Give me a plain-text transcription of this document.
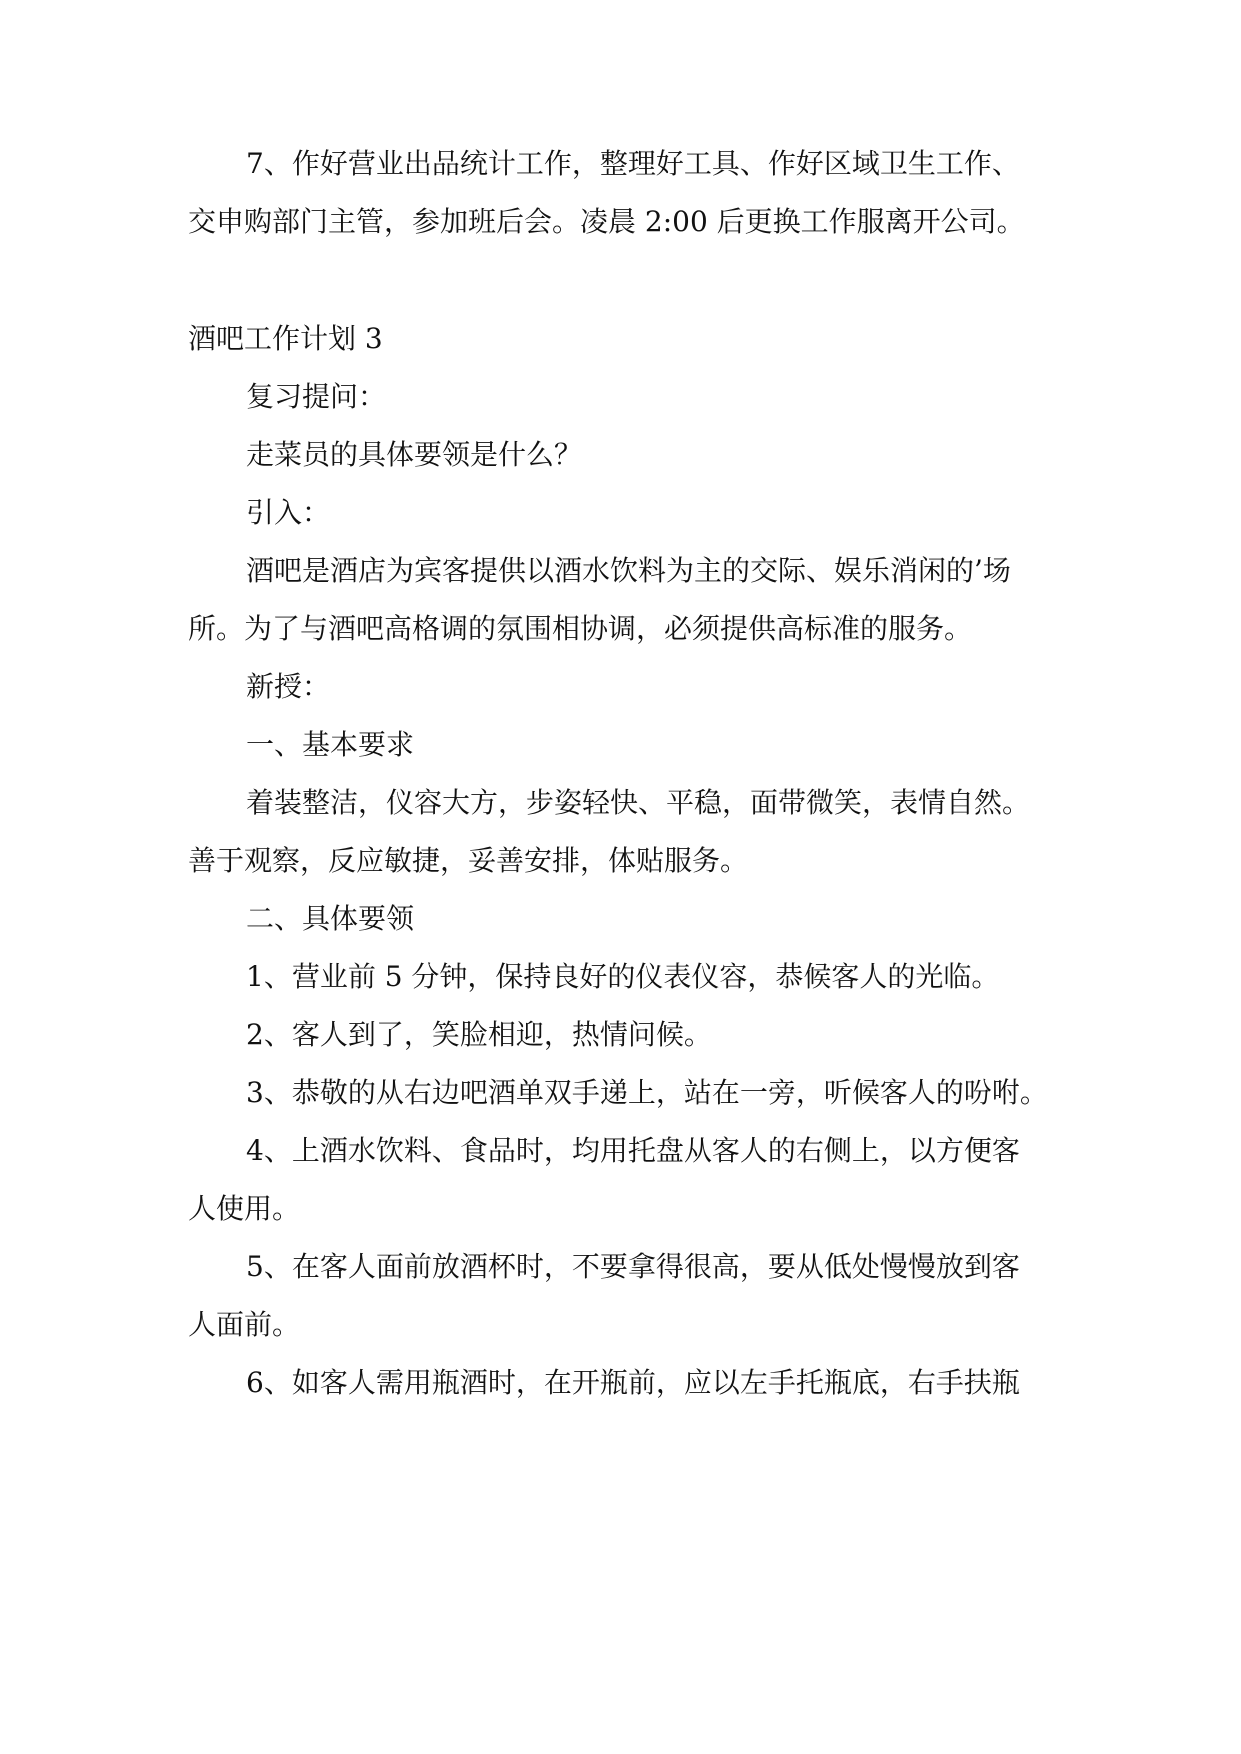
7、作好营业出品统计工作，整理好工具、作好区域卫生工作、
交申购部门主管，参加班后会。凌晨 2:00 后更换工作服离开公司。
酒吧工作计划 3
复习提问：
走菜员的具体要领是什么？
引入：
酒吧是酒店为宾客提供以酒水饮料为主的交际、娱乐消闲的’场
所。为了与酒吧高格调的氛围相协调，必须提供高标准的服务。
新授：
一、基本要求
着装整洁，仪容大方，步姿轻快、平稳，面带微笑，表情自然。
善于观察，反应敏捷，妥善安排，体贴服务。
二、具体要领
1、营业前 5 分钟，保持良好的仪表仪容，恭候客人的光临。
2、客人到了，笑脸相迎，热情问候。
3、恭敬的从右边吧酒单双手递上，站在一旁，听候客人的吩咐。
4、上酒水饮料、食品时，均用托盘从客人的右侧上，以方便客
人使用。
5、在客人面前放酒杯时，不要拿得很高，要从低处慢慢放到客
人面前。
6、如客人需用瓶酒时，在开瓶前，应以左手托瓶底，右手扶瓶
